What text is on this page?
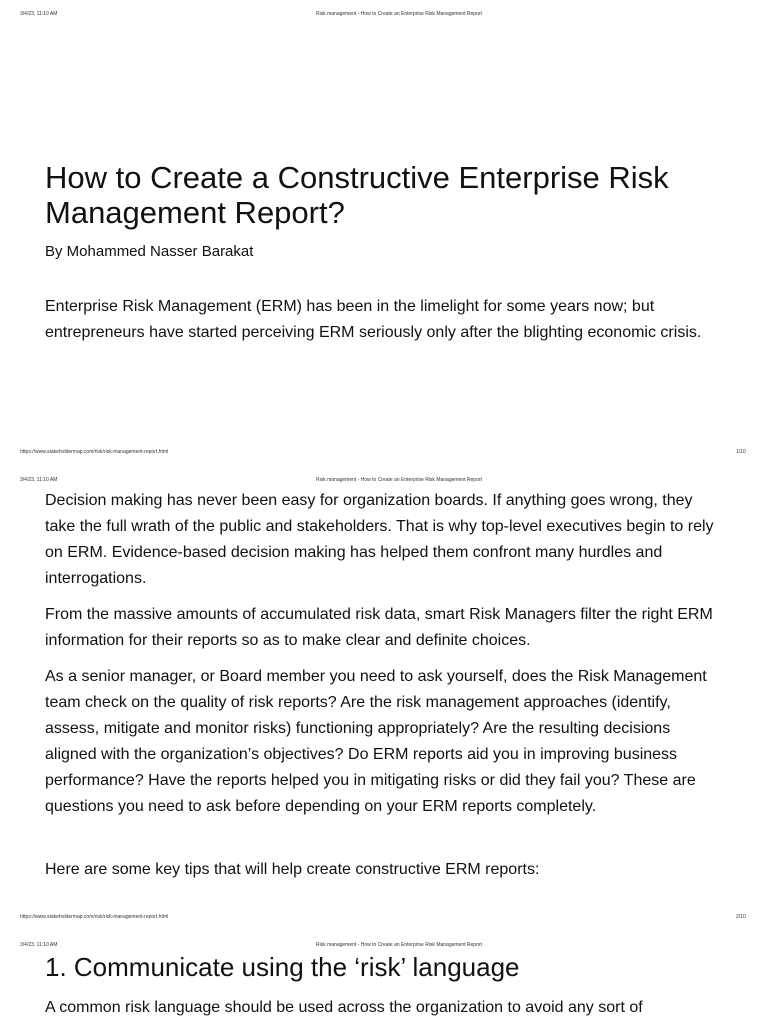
3/4/23, 11:10 AM	Risk management - How to Create an Enterprise Risk Management Report
How to Create a Constructive Enterprise Risk Management Report?

By Mohammed Nasser Barakat

Enterprise Risk Management (ERM) has been in the limelight for some years now; but entrepreneurs have started perceiving ERM seriously only after the blighting economic crisis.

https://www.stakeholdermap.com/risk/risk-management-report.html	1/10
3/4/23, 11:10 AM	Risk management - How to Create an Enterprise Risk Management Report

Decision making has never been easy for organization boards. If anything goes wrong, they take the full wrath of the public and stakeholders. That is why top-level executives begin to rely on ERM. Evidence-based decision making has helped them confront many hurdles and interrogations.

From the massive amounts of accumulated risk data, smart Risk Managers filter the right ERM information for their reports so as to make clear and definite choices.

As a senior manager, or Board member you need to ask yourself, does the Risk Management team check on the quality of risk reports? Are the risk management approaches (identify, assess, mitigate and monitor risks) functioning appropriately? Are the resulting decisions aligned with the organization’s objectives? Do ERM reports aid you in improving business performance? Have the reports helped you in mitigating risks or did they fail you? These are questions you need to ask before depending on your ERM reports completely.

Here are some key tips that will help create constructive ERM reports:

https://www.stakeholdermap.com/risk/risk-management-report.html	2/10
3/4/23, 11:10 AM	Risk management - How to Create an Enterprise Risk Management Report
1. Communicate using the ‘risk’ language

A common risk language should be used across the organization to avoid any sort of
